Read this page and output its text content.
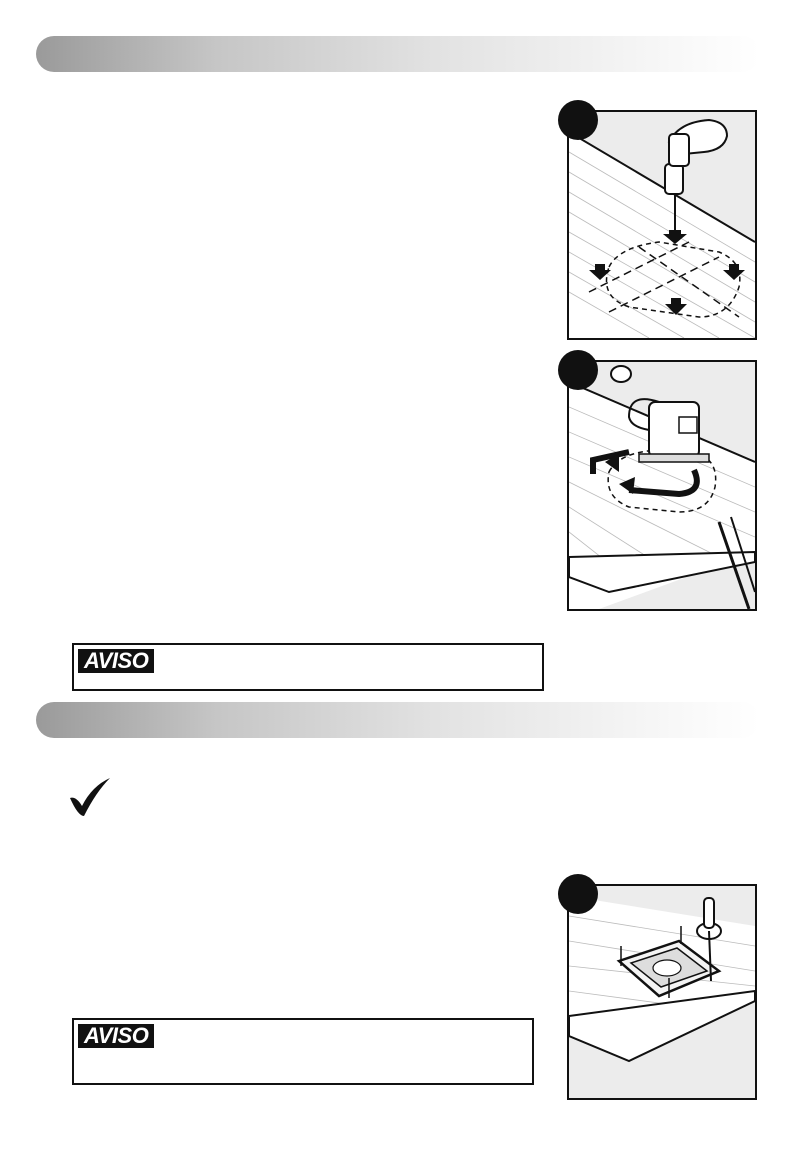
AVISO
AVISO
